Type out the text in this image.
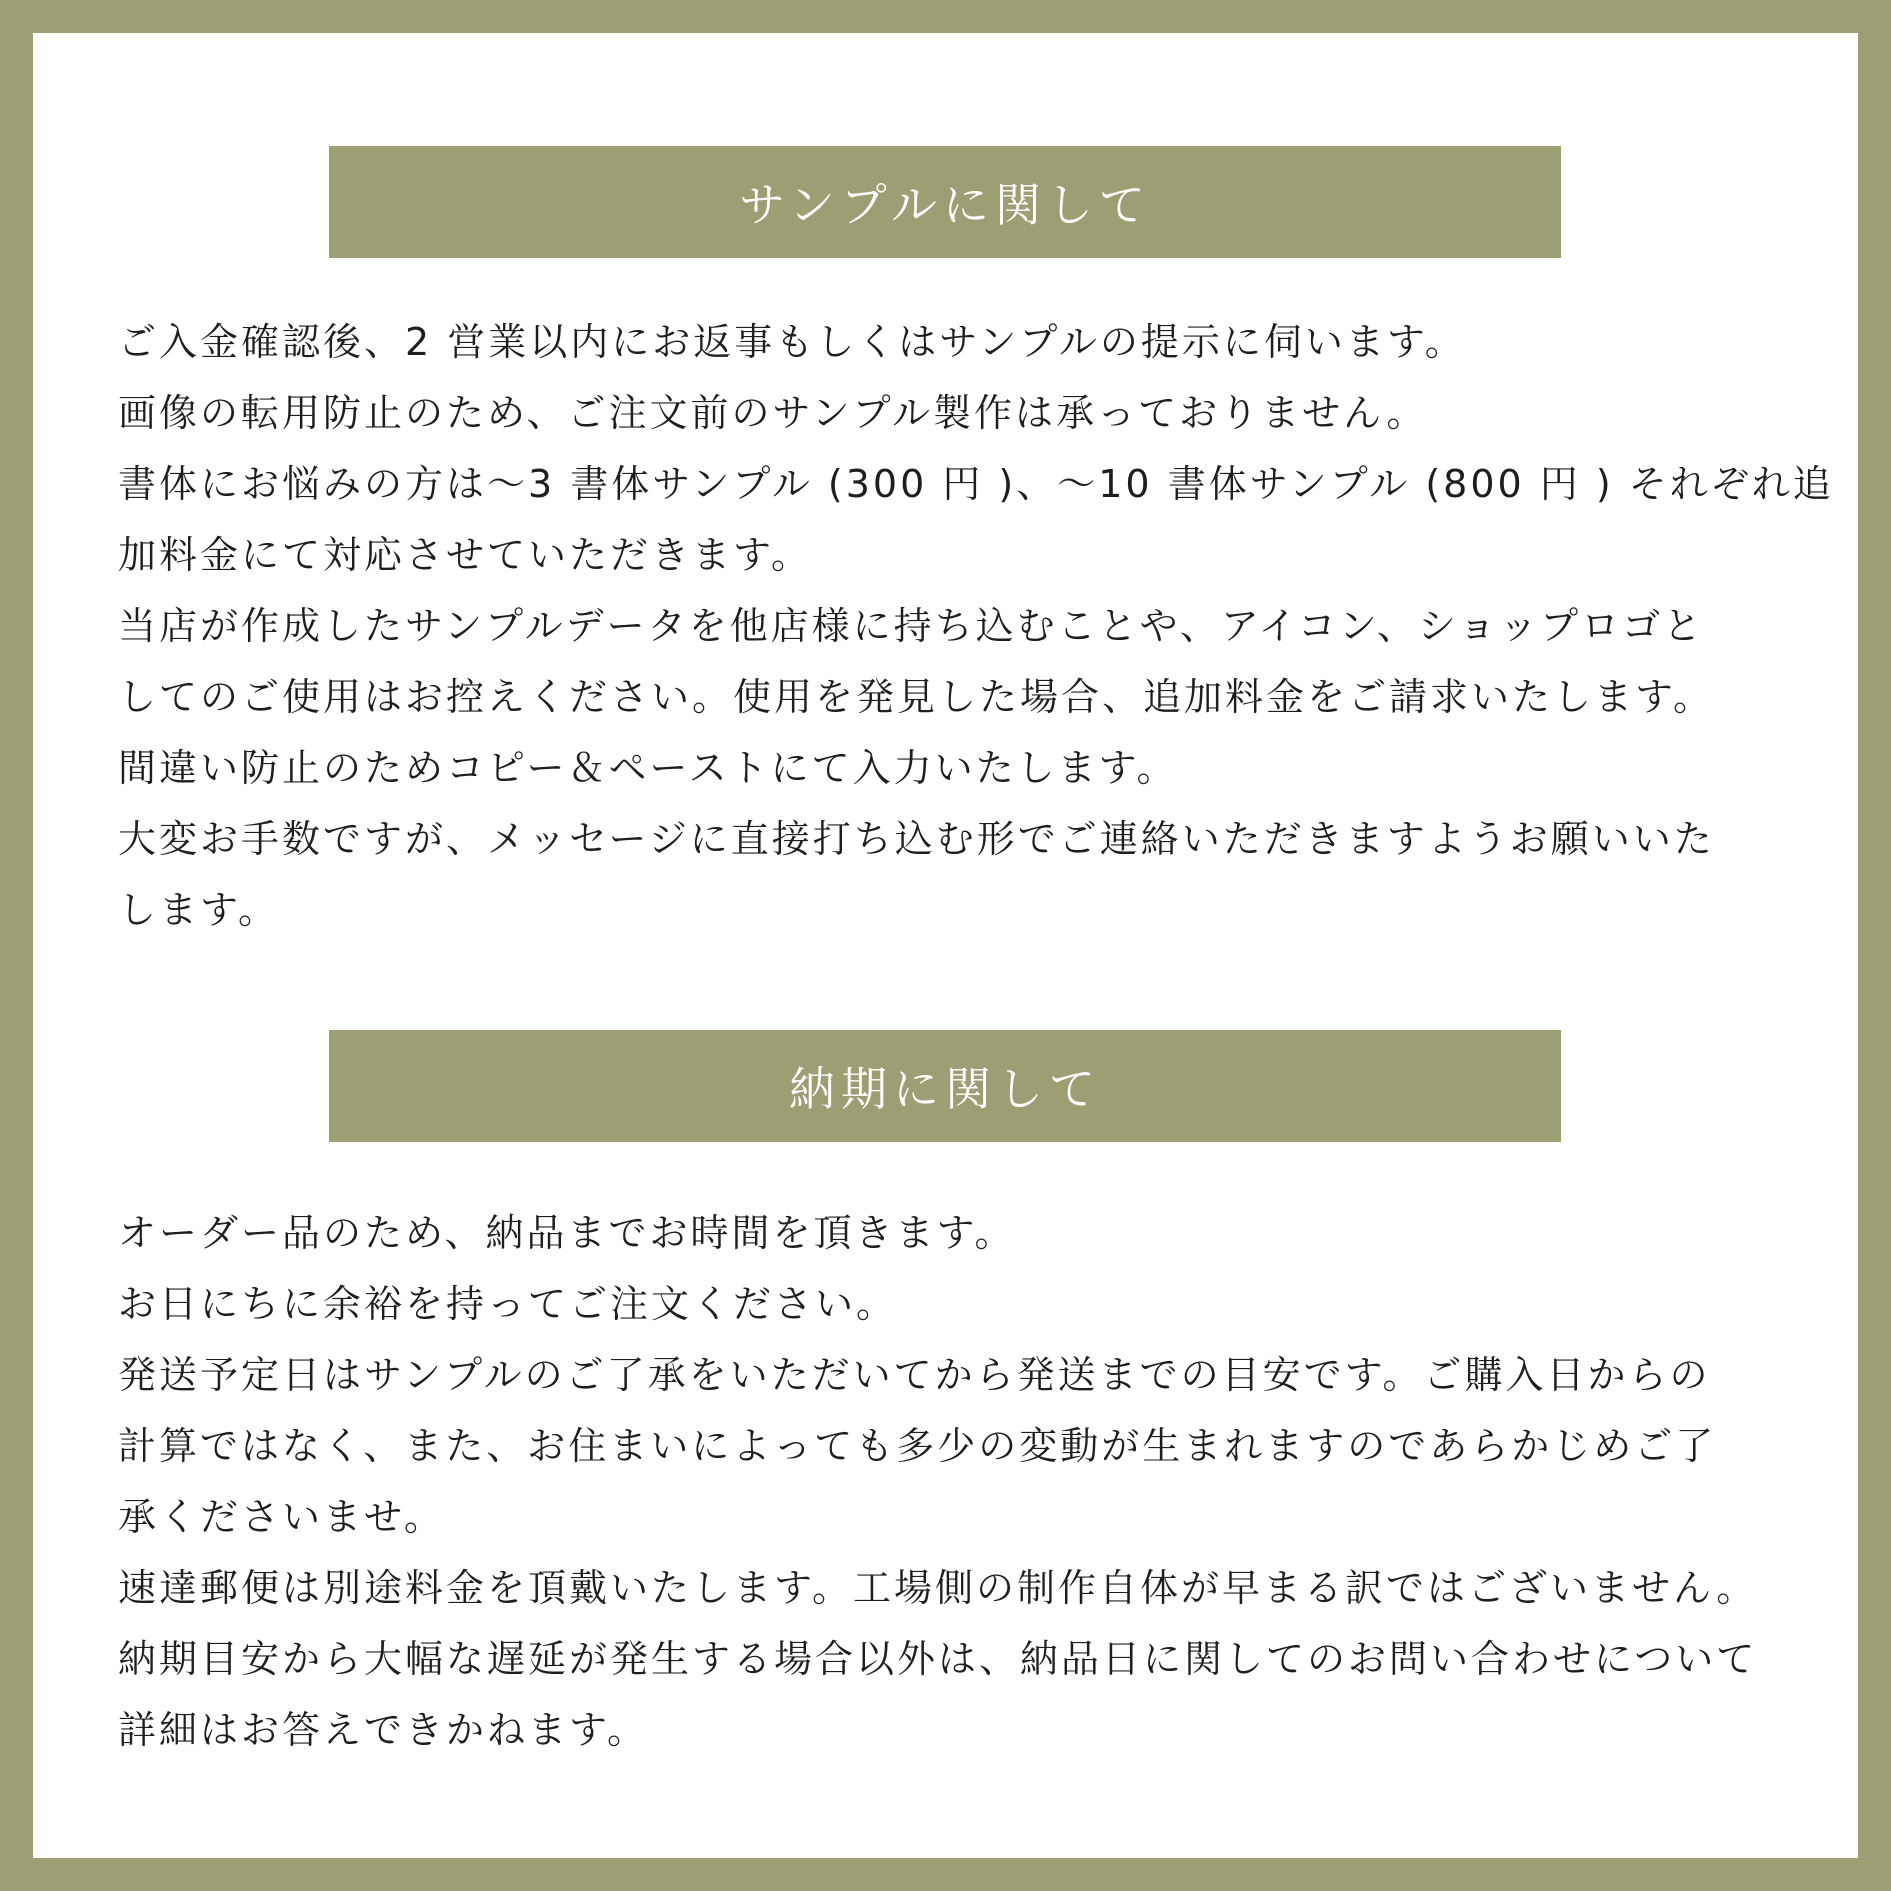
サンプルに関して
ご入金確認後、2 営業以内にお返事もしくはサンプルの提示に伺います。
画像の転用防止のため、ご注文前のサンプル製作は承っておりません。
書体にお悩みの方は〜3 書体サンプル (300 円 )、〜10 書体サンプル (800 円 ) それぞれ追
加料金にて対応させていただきます。
当店が作成したサンプルデータを他店様に持ち込むことや、アイコン、ショップロゴと
してのご使用はお控えください。使用を発見した場合、追加料金をご請求いたします。
間違い防止のためコピー＆ペーストにて入力いたします。
大変お手数ですが、メッセージに直接打ち込む形でご連絡いただきますようお願いいた
します。
納期に関して
オーダー品のため、納品までお時間を頂きます。
お日にちに余裕を持ってご注文ください。
発送予定日はサンプルのご了承をいただいてから発送までの目安です。ご購入日からの
計算ではなく、また、お住まいによっても多少の変動が生まれますのであらかじめご了
承くださいませ。
速達郵便は別途料金を頂戴いたします。工場側の制作自体が早まる訳ではございません。
納期目安から大幅な遅延が発生する場合以外は、納品日に関してのお問い合わせについて
詳細はお答えできかねます。
